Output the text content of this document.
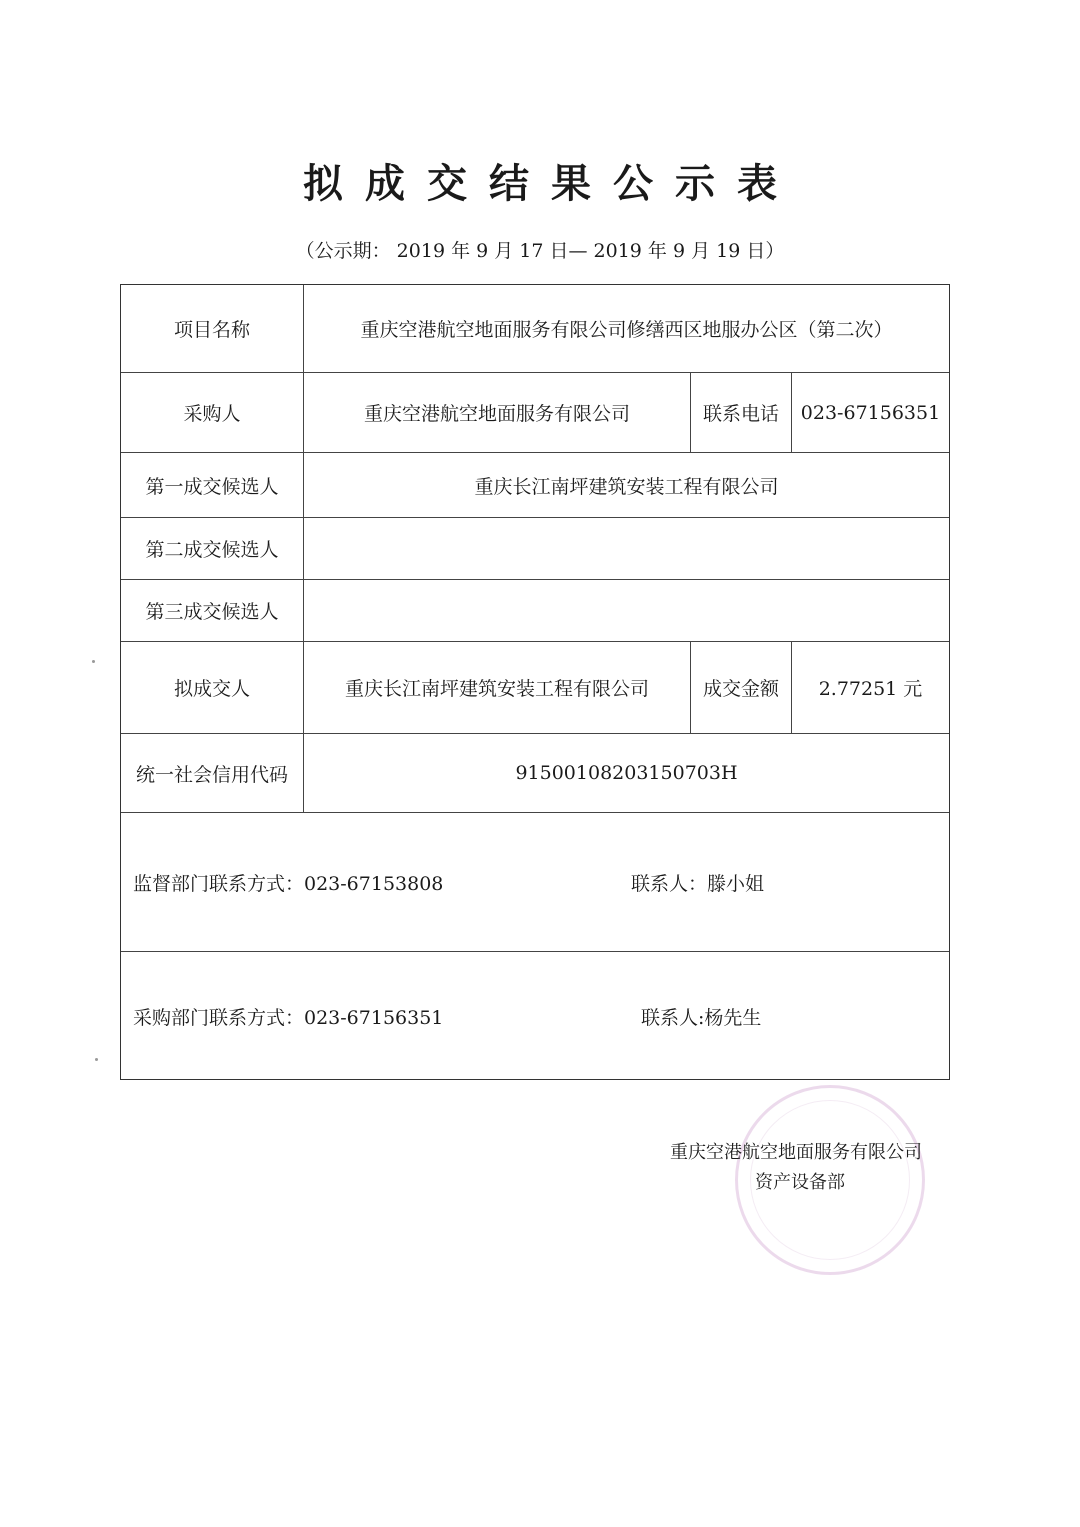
拟成交结果公示表
（公示期： 2019 年 9 月 17 日— 2019 年 9 月 19 日）
项目名称	重庆空港航空地面服务有限公司修缮西区地服办公区（第二次）
采购人	重庆空港航空地面服务有限公司	联系电话	023-67156351
第一成交候选人	重庆长江南坪建筑安装工程有限公司
第二成交候选人
第三成交候选人
拟成交人	重庆长江南坪建筑安装工程有限公司	成交金额	2.77251 元
统一社会信用代码	91500108203150703H
监督部门联系方式：023-67153808	联系人：滕小姐
采购部门联系方式：023-67156351	联系人:杨先生
重庆空港航空地面服务有限公司
资产设备部
